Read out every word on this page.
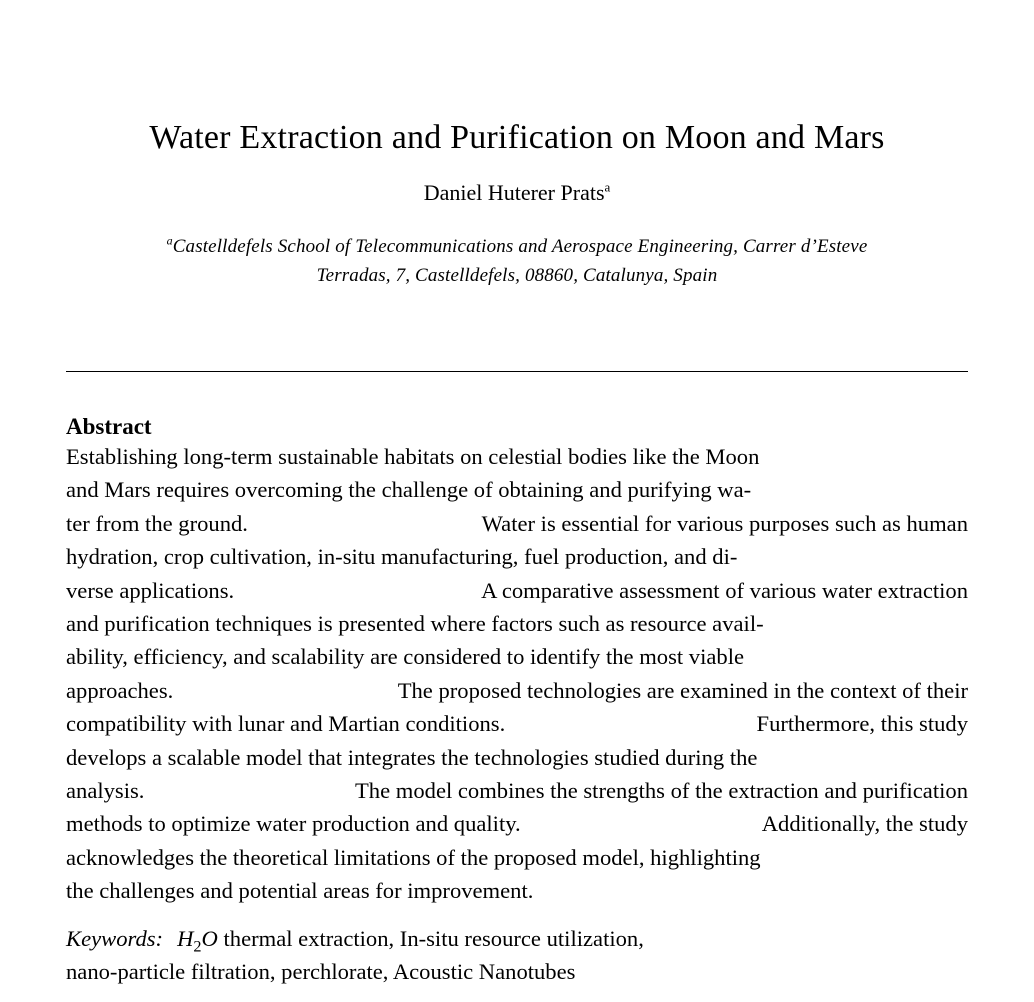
Water Extraction and Purification on Moon and Mars
Daniel Huterer Prats$^a$
$^a$Castelldefels School of Telecommunications and Aerospace Engineering, Carrer d’Esteve
Terradas, 7, Castelldefels, 08860, Catalunya, Spain
Abstract
Establishing long-term sustainable habitats on celestial bodies like the Moon
and Mars requires overcoming the challenge of obtaining and purifying wa-
ter from the ground.	Water is essential for various purposes such as human
hydration, crop cultivation, in-situ manufacturing, fuel production, and di-
verse applications.	A comparative assessment of various water extraction
and purification techniques is presented where factors such as resource avail-
ability, efficiency, and scalability are considered to identify the most viable
approaches.	The proposed technologies are examined in the context of their
compatibility with lunar and Martian conditions.	Furthermore, this study
develops a scalable model that integrates the technologies studied during the
analysis.	The model combines the strengths of the extraction and purification
methods to optimize water production and quality.	Additionally, the study
acknowledges the theoretical limitations of the proposed model, highlighting
the challenges and potential areas for improvement.
Keywords: $H_2O$ thermal extraction, In-situ resource utilization,
nano-particle filtration, perchlorate, Acoustic Nanotubes
